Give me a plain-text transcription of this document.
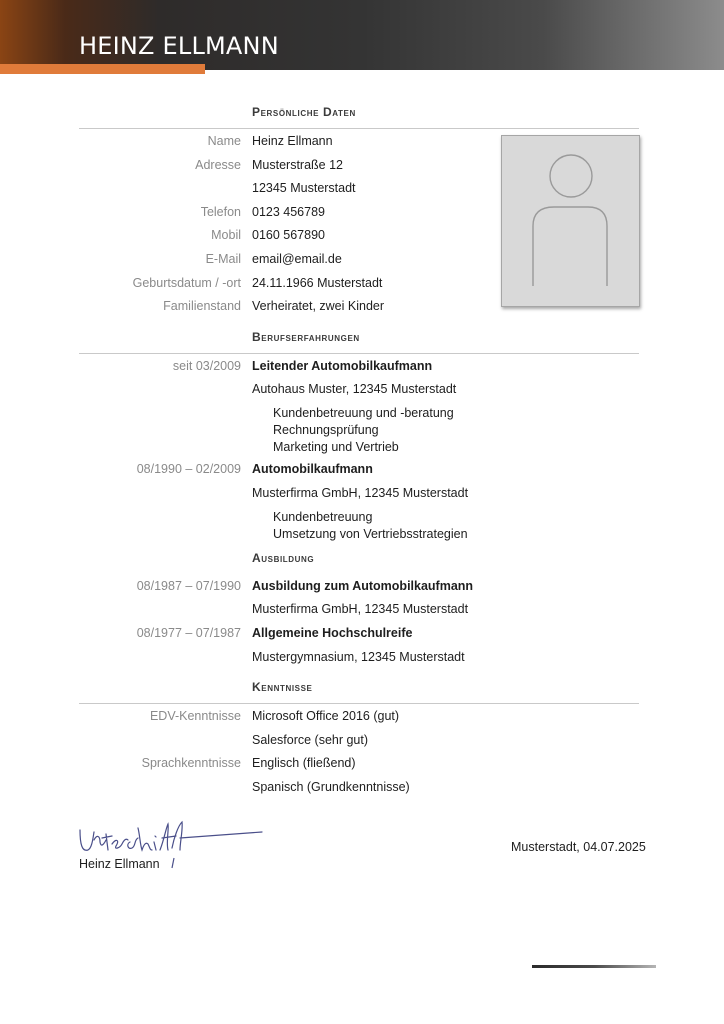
HEINZ ELLMANN
Persönliche Daten
Name Heinz Ellmann
Adresse Musterstraße 12
12345 Musterstadt
Telefon 0123 456789
Mobil 0160 567890
E-Mail email@email.de
Geburtsdatum / -ort 24.11.1966 Musterstadt
Familienstand Verheiratet, zwei Kinder
Berufserfahrungen
seit 03/2009 Leitender Automobilkaufmann
Autohaus Muster, 12345 Musterstadt
Kundenbetreuung und -beratung
Rechnungsprüfung
Marketing und Vertrieb
08/1990 – 02/2009 Automobilkaufmann
Musterfirma GmbH, 12345 Musterstadt
Kundenbetreuung
Umsetzung von Vertriebsstrategien
Ausbildung
08/1987 – 07/1990 Ausbildung zum Automobilkaufmann
Musterfirma GmbH, 12345 Musterstadt
08/1977 – 07/1987 Allgemeine Hochschulreife
Mustergymnasium, 12345 Musterstadt
Kenntnisse
EDV-Kenntnisse Microsoft Office 2016 (gut)
Salesforce (sehr gut)
Sprachkenntnisse Englisch (fließend)
Spanisch (Grundkenntnisse)
Heinz Ellmann
Musterstadt, 04.07.2025
